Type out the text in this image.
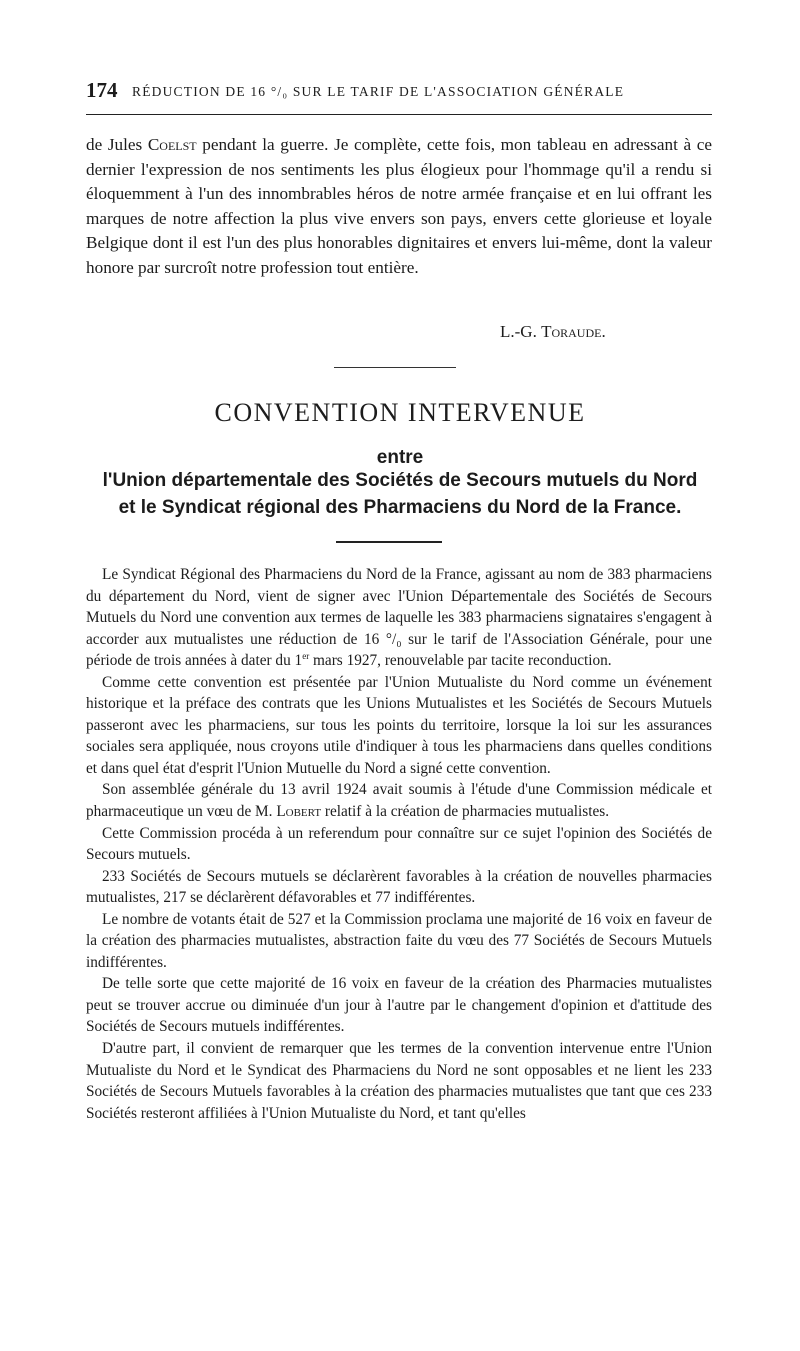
174 RÉDUCTION DE 16 °/₀ SUR LE TARIF DE L'ASSOCIATION GÉNÉRALE

de Jules Coelst pendant la guerre. Je complète, cette fois, mon tableau en adressant à ce dernier l'expression de nos sentiments les plus élogieux pour l'hommage qu'il a rendu si éloquemment à l'un des innombrables héros de notre armée française et en lui offrant les marques de notre affection la plus vive envers son pays, envers cette glorieuse et loyale Belgique dont il est l'un des plus honorables dignitaires et envers lui-même, dont la valeur honore par surcroît notre profession tout entière.

L.-G. Toraude.
CONVENTION INTERVENUE
entre
l'Union départementale des Sociétés de Secours mutuels du Nord
et le Syndicat régional des Pharmaciens du Nord de la France.

Le Syndicat Régional des Pharmaciens du Nord de la France, agissant au nom de 383 pharmaciens du département du Nord, vient de signer avec l'Union Départementale des Sociétés de Secours Mutuels du Nord une convention aux termes de laquelle les 383 pharmaciens signataires s'engagent à accorder aux mutualistes une réduction de 16 °/₀ sur le tarif de l'Association Générale, pour une période de trois années à dater du 1er mars 1927, renouvelable par tacite reconduction.

Comme cette convention est présentée par l'Union Mutualiste du Nord comme un événement historique et la préface des contrats que les Unions Mutualistes et les Sociétés de Secours Mutuels passeront avec les pharmaciens, sur tous les points du territoire, lorsque la loi sur les assurances sociales sera appliquée, nous croyons utile d'indiquer à tous les pharmaciens dans quelles conditions et dans quel état d'esprit l'Union Mutuelle du Nord a signé cette convention.

Son assemblée générale du 13 avril 1924 avait soumis à l'étude d'une Commission médicale et pharmaceutique un vœu de M. Lobert relatif à la création de pharmacies mutualistes.

Cette Commission procéda à un referendum pour connaître sur ce sujet l'opinion des Sociétés de Secours mutuels.

233 Sociétés de Secours mutuels se déclarèrent favorables à la création de nouvelles pharmacies mutualistes, 217 se déclarèrent défavorables et 77 indifférentes.

Le nombre de votants était de 527 et la Commission proclama une majorité de 16 voix en faveur de la création des pharmacies mutualistes, abstraction faite du vœu des 77 Sociétés de Secours Mutuels indifférentes.

De telle sorte que cette majorité de 16 voix en faveur de la création des Pharmacies mutualistes peut se trouver accrue ou diminuée d'un jour à l'autre par le changement d'opinion et d'attitude des Sociétés de Secours mutuels indifférentes.

D'autre part, il convient de remarquer que les termes de la convention intervenue entre l'Union Mutualiste du Nord et le Syndicat des Pharmaciens du Nord ne sont opposables et ne lient les 233 Sociétés de Secours Mutuels favorables à la création des pharmacies mutualistes que tant que ces 233 Sociétés resteront affiliées à l'Union Mutualiste du Nord, et tant qu'elles
